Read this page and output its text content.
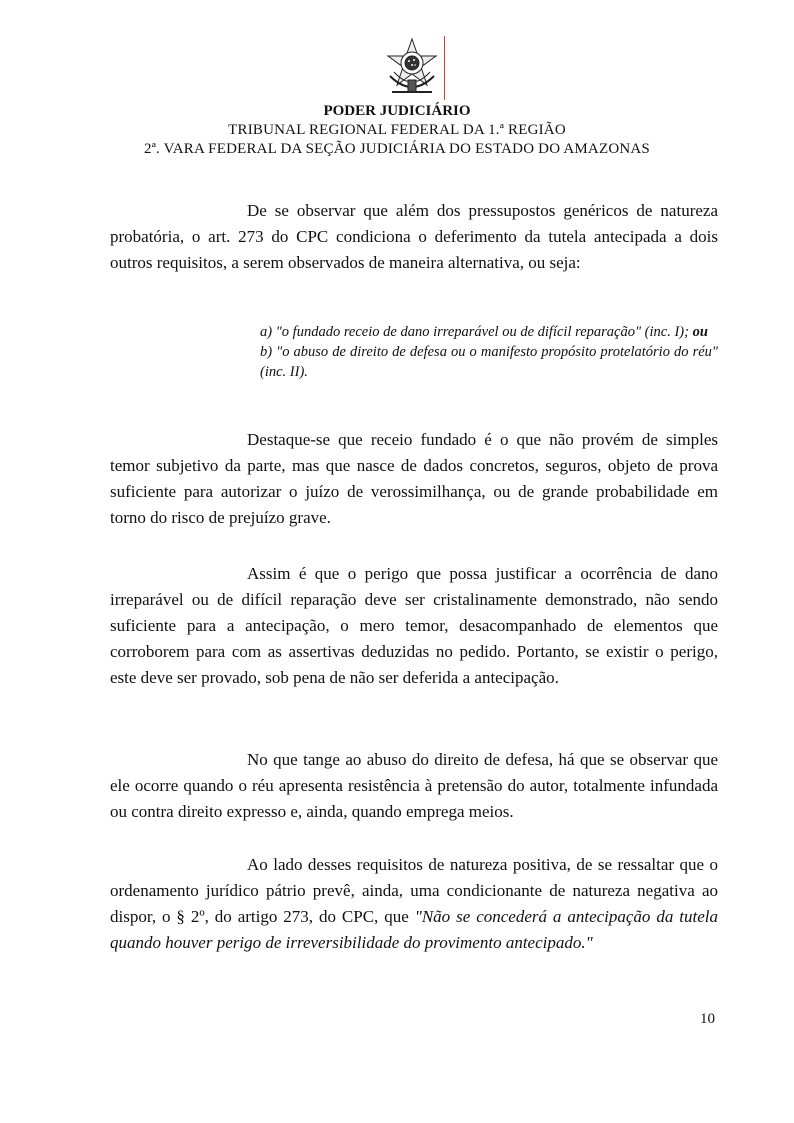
PODER JUDICIÁRIO
TRIBUNAL REGIONAL FEDERAL DA 1.ª REGIÃO
2ª. VARA FEDERAL DA SEÇÃO JUDICIÁRIA DO ESTADO DO AMAZONAS

De se observar que além dos pressupostos genéricos de natureza probatória, o art. 273 do CPC condiciona o deferimento da tutela antecipada a dois outros requisitos, a serem observados de maneira alternativa, ou seja:

a) "o fundado receio de dano irreparável ou de difícil reparação" (inc. I); ou

b) "o abuso de direito de defesa ou o manifesto propósito protelatório do réu" (inc. II).

Destaque-se que receio fundado é o que não provém de simples temor subjetivo da parte, mas que nasce de dados concretos, seguros, objeto de prova suficiente para autorizar o juízo de verossimilhança, ou de grande probabilidade em torno do risco de prejuízo grave.

Assim é que o perigo que possa justificar a ocorrência de dano irreparável ou de difícil reparação deve ser cristalinamente demonstrado, não sendo suficiente para a antecipação, o mero temor, desacompanhado de elementos que corroborem para com as assertivas deduzidas no pedido. Portanto, se existir o perigo, este deve ser provado, sob pena de não ser deferida a antecipação.

No que tange ao abuso do direito de defesa, há que se observar que ele ocorre quando o réu apresenta resistência à pretensão do autor, totalmente infundada ou contra direito expresso e, ainda, quando emprega meios.

Ao lado desses requisitos de natureza positiva, de se ressaltar que o ordenamento jurídico pátrio prevê, ainda, uma condicionante de natureza negativa ao dispor, o § 2º, do artigo 273, do CPC, que "Não se concederá a antecipação da tutela quando houver perigo de irreversibilidade do provimento antecipado."

10
